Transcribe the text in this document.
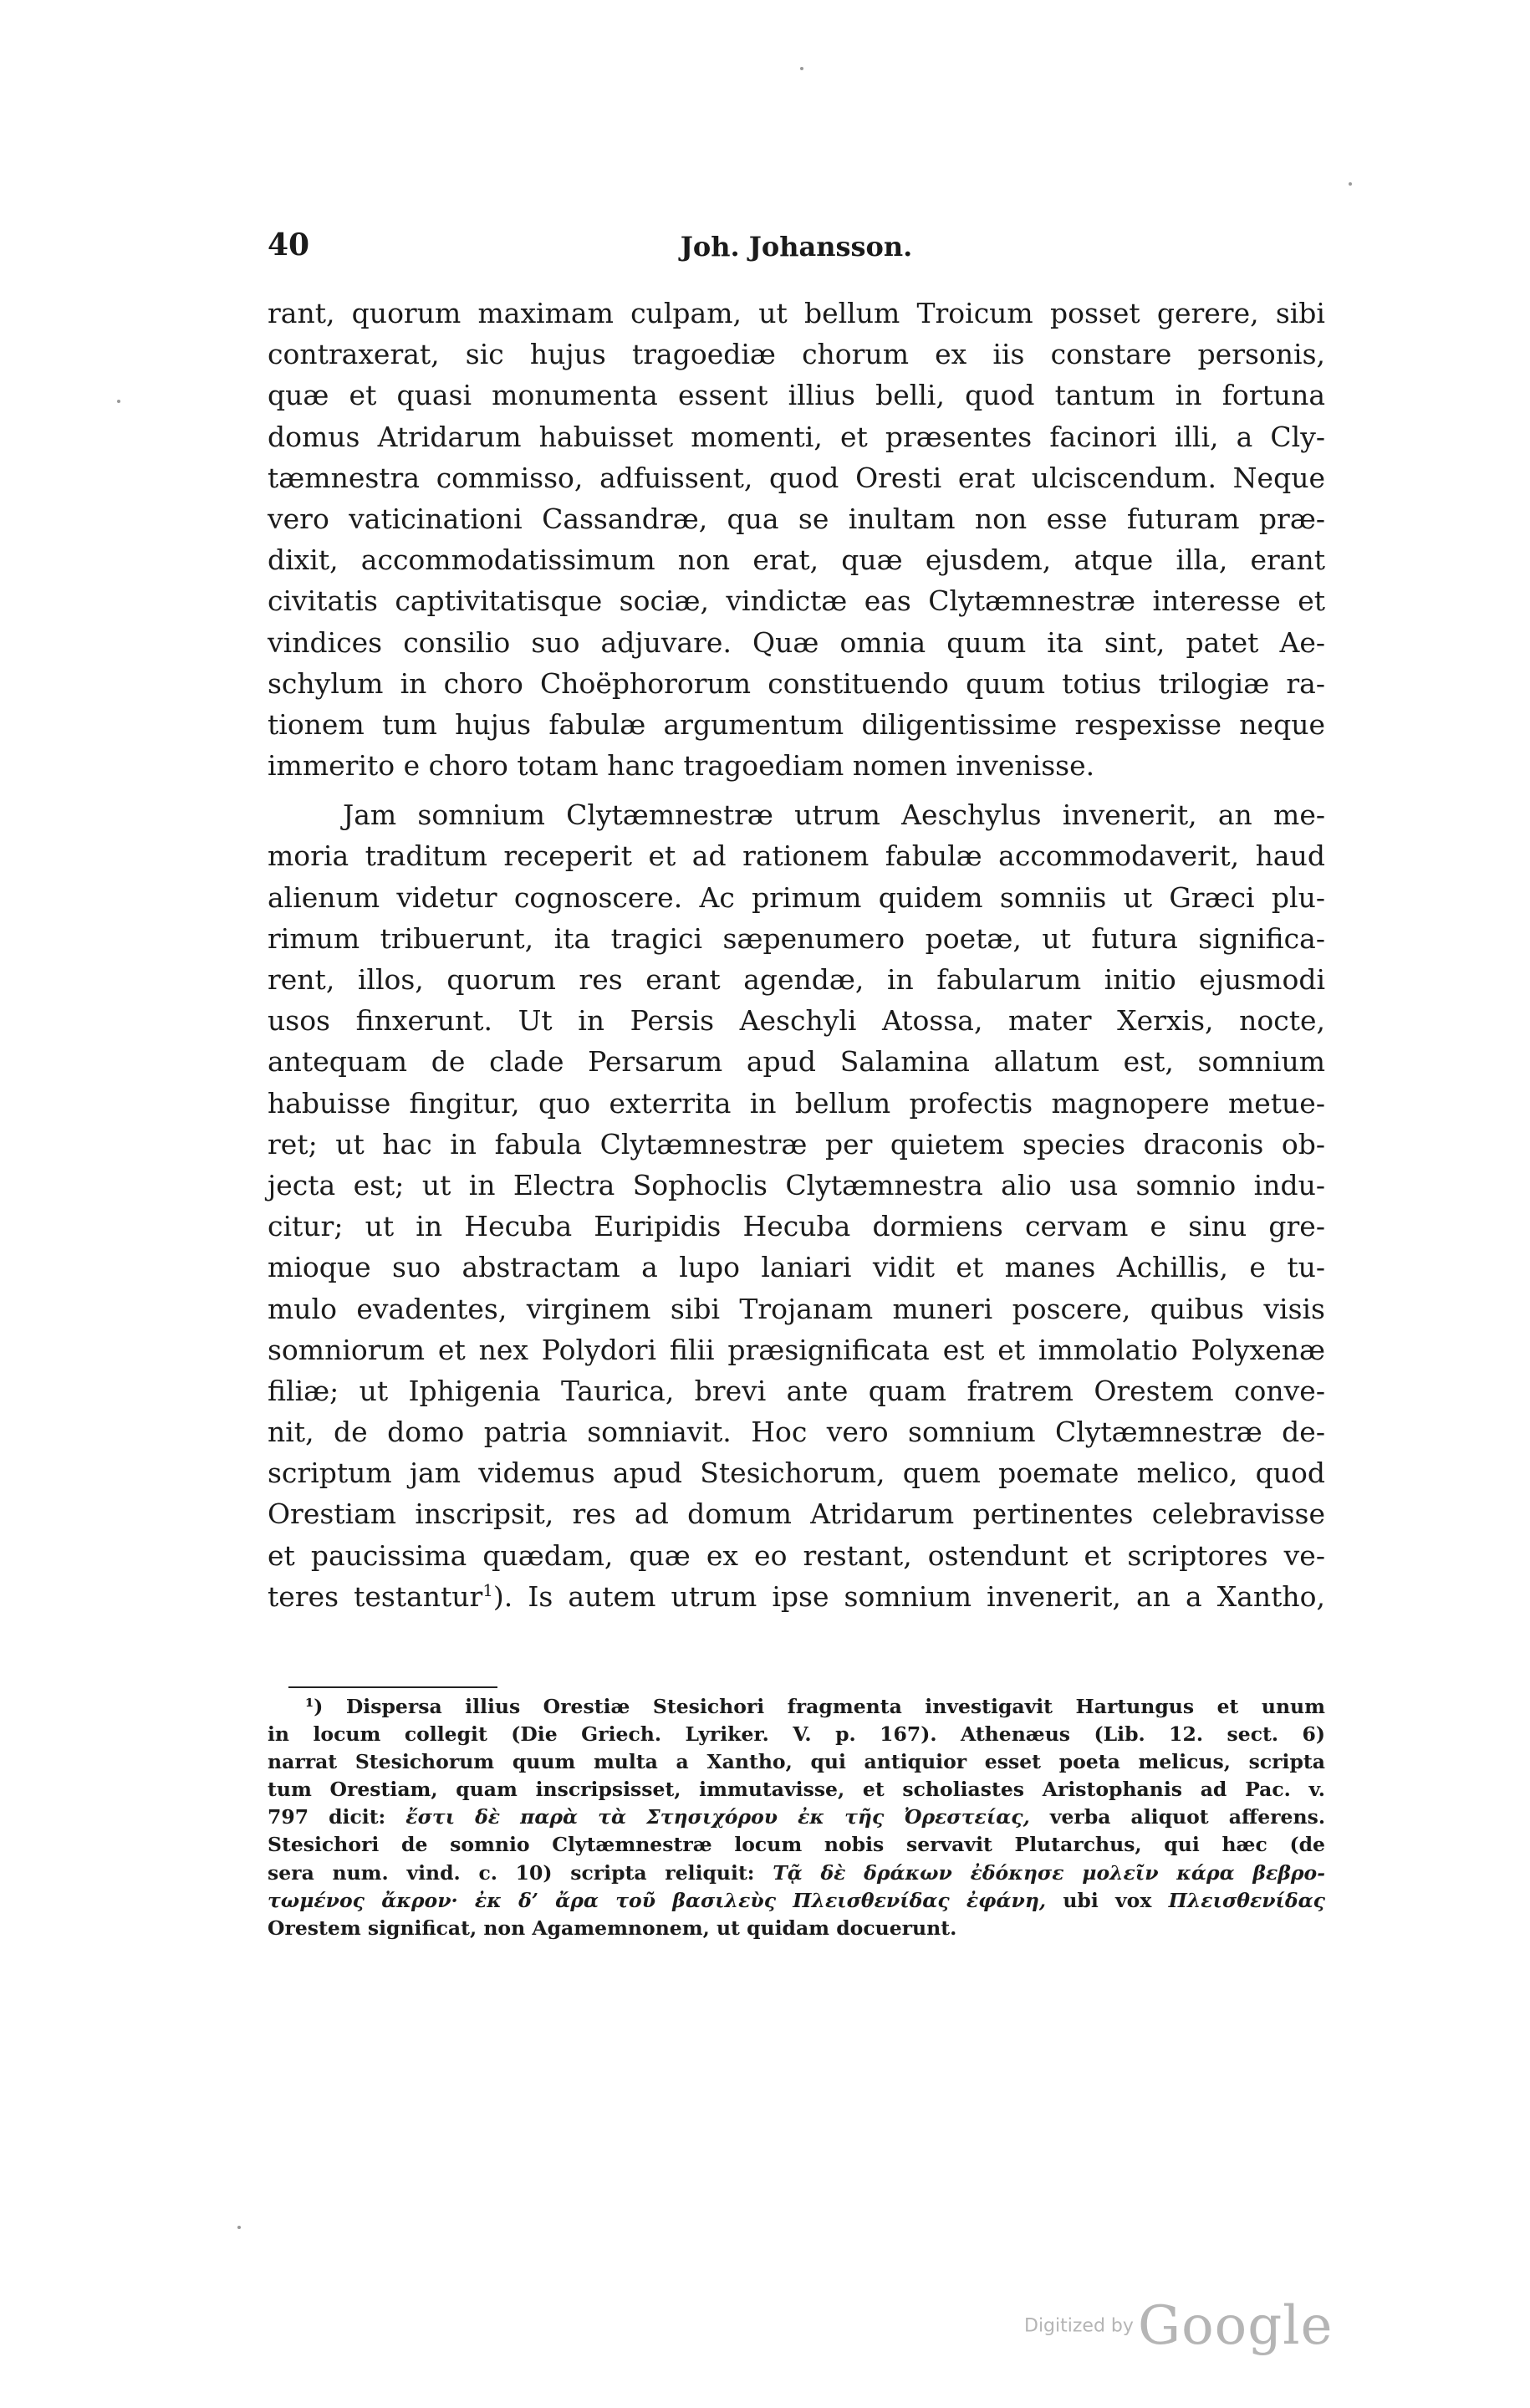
40	Joh. Johansson.
rant, quorum maximam culpam, ut bellum Troicum posset gerere, sibi
contraxerat, sic hujus tragoediæ chorum ex iis constare personis,
quæ et quasi monumenta essent illius belli, quod tantum in fortuna
domus Atridarum habuisset momenti, et præsentes facinori illi, a Cly-
tæmnestra commisso, adfuissent, quod Oresti erat ulciscendum. Neque
vero vaticinationi Cassandræ, qua se inultam non esse futuram præ-
dixit, accommodatissimum non erat, quæ ejusdem, atque illa, erant
civitatis captivitatisque sociæ, vindictæ eas Clytæmnestræ interesse et
vindices consilio suo adjuvare. Quæ omnia quum ita sint, patet Ae-
schylum in choro Choëphororum constituendo quum totius trilogiæ ra-
tionem tum hujus fabulæ argumentum diligentissime respexisse neque
immerito e choro totam hanc tragoediam nomen invenisse.
Jam somnium Clytæmnestræ utrum Aeschylus invenerit, an me-
moria traditum receperit et ad rationem fabulæ accommodaverit, haud
alienum videtur cognoscere. Ac primum quidem somniis ut Græci plu-
rimum tribuerunt, ita tragici sæpenumero poetæ, ut futura significa-
rent, illos, quorum res erant agendæ, in fabularum initio ejusmodi
usos finxerunt. Ut in Persis Aeschyli Atossa, mater Xerxis, nocte,
antequam de clade Persarum apud Salamina allatum est, somnium
habuisse fingitur, quo exterrita in bellum profectis magnopere metue-
ret; ut hac in fabula Clytæmnestræ per quietem species draconis ob-
jecta est; ut in Electra Sophoclis Clytæmnestra alio usa somnio indu-
citur; ut in Hecuba Euripidis Hecuba dormiens cervam e sinu gre-
mioque suo abstractam a lupo laniari vidit et manes Achillis, e tu-
mulo evadentes, virginem sibi Trojanam muneri poscere, quibus visis
somniorum et nex Polydori filii præsignificata est et immolatio Polyxenæ
filiæ; ut Iphigenia Taurica, brevi ante quam fratrem Orestem conve-
nit, de domo patria somniavit. Hoc vero somnium Clytæmnestræ de-
scriptum jam videmus apud Stesichorum, quem poemate melico, quod
Orestiam inscripsit, res ad domum Atridarum pertinentes celebravisse
et paucissima quædam, quæ ex eo restant, ostendunt et scriptores ve-
teres testantur$^1$). Is autem utrum ipse somnium invenerit, an a Xantho,
¹) Dispersa illius Orestiæ Stesichori fragmenta investigavit Hartungus et unum
in locum collegit (Die Griech. Lyriker. V. p. 167). Athenæus (Lib. 12. sect. 6)
narrat Stesichorum quum multa a Xantho, qui antiquior esset poeta melicus, scripta
tum Orestiam, quam inscripsisset, immutavisse, et scholiastes Aristophanis ad Pac. v.
797 dicit: ἔστι δὲ παρὰ τὰ Στησιχόρου ἐκ τῆς Ὀρεστείας, verba aliquot afferens.
Stesichori de somnio Clytæmnestræ locum nobis servavit Plutarchus, qui hæc (de
sera num. vind. c. 10) scripta reliquit: Τᾷ δὲ δράκων ἐδόκησε μολεῖν κάρα βεβρο-
τωμένος ἄκρον· ἐκ δ’ ἄρα τοῦ βασιλεὺς Πλεισθενίδας ἐφάνη, ubi vox Πλεισθενίδας
Orestem significat, non Agamemnonem, ut quidam docuerunt.
Digitized by Google
